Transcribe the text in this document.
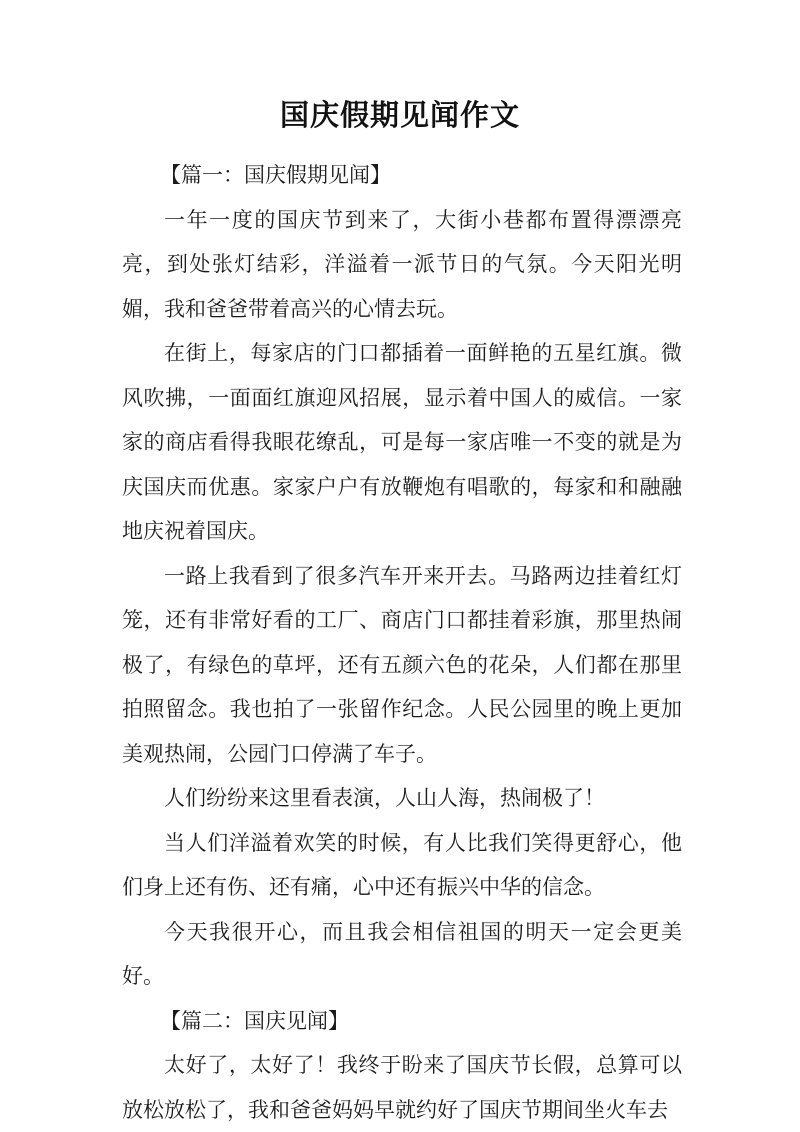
国庆假期见闻作文

【篇一：国庆假期见闻】

一年一度的国庆节到来了，大街小巷都布置得漂漂亮亮，到处张灯结彩，洋溢着一派节日的气氛。今天阳光明媚，我和爸爸带着高兴的心情去玩。

在街上，每家店的门口都插着一面鲜艳的五星红旗。微风吹拂，一面面红旗迎风招展，显示着中国人的威信。一家家的商店看得我眼花缭乱，可是每一家店唯一不变的就是为庆国庆而优惠。家家户户有放鞭炮有唱歌的，每家和和融融地庆祝着国庆。

一路上我看到了很多汽车开来开去。马路两边挂着红灯笼，还有非常好看的工厂、商店门口都挂着彩旗，那里热闹极了，有绿色的草坪，还有五颜六色的花朵，人们都在那里拍照留念。我也拍了一张留作纪念。人民公园里的晚上更加美观热闹，公园门口停满了车子。

人们纷纷来这里看表演，人山人海，热闹极了！

当人们洋溢着欢笑的时候，有人比我们笑得更舒心，他们身上还有伤、还有痛，心中还有振兴中华的信念。

今天我很开心，而且我会相信祖国的明天一定会更美好。

【篇二：国庆见闻】

太好了，太好了！我终于盼来了国庆节长假，总算可以放松放松了，我和爸爸妈妈早就约好了国庆节期间坐火车去
